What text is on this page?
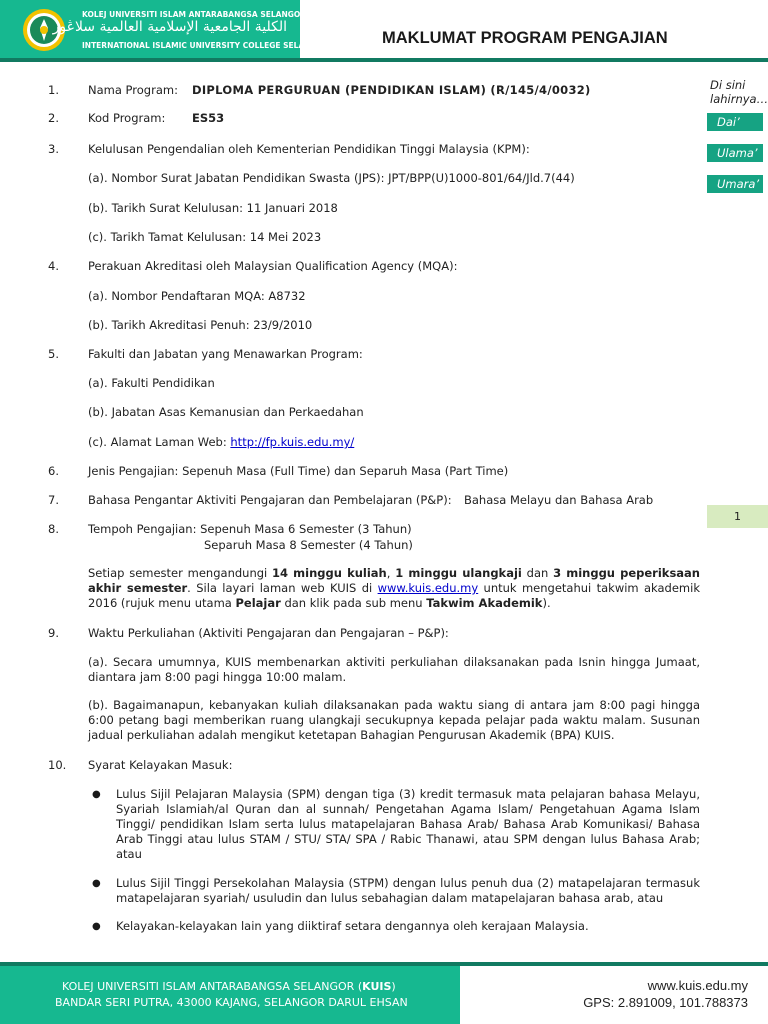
KOLEJ UNIVERSITI ISLAM ANTARABANGSA SELANGOR
الكلية الجامعية الإسلامية العالمية سلاڠور
INTERNATIONAL ISLAMIC UNIVERSITY COLLEGE SELANGOR	MAKLUMAT PROGRAM PENGAJIAN
Di sini
lahirnya…
Dai’
Ulama’
Umara’
1
1.	Nama Program: DIPLOMA PERGURUAN (PENDIDIKAN ISLAM) (R/145/4/0032)
2.	Kod Program: ES53
3.	Kelulusan Pengendalian oleh Kementerian Pendidikan Tinggi Malaysia (KPM):
(a). Nombor Surat Jabatan Pendidikan Swasta (JPS): JPT/BPP(U)1000-801/64/Jld.7(44)
(b). Tarikh Surat Kelulusan: 11 Januari 2018
(c). Tarikh Tamat Kelulusan: 14 Mei 2023
4.	Perakuan Akreditasi oleh Malaysian Qualification Agency (MQA):
(a). Nombor Pendaftaran MQA: A8732
(b). Tarikh Akreditasi Penuh: 23/9/2010
5.	Fakulti dan Jabatan yang Menawarkan Program:
(a). Fakulti Pendidikan
(b). Jabatan Asas Kemanusian dan Perkaedahan
(c). Alamat Laman Web: http://fp.kuis.edu.my/
6.	Jenis Pengajian: Sepenuh Masa (Full Time) dan Separuh Masa (Part Time)
7.	Bahasa Pengantar Aktiviti Pengajaran dan Pembelajaran (P&P): Bahasa Melayu dan Bahasa Arab
8.	Tempoh Pengajian: Sepenuh Masa 6 Semester (3 Tahun)
Separuh Masa 8 Semester (4 Tahun)
Setiap semester mengandungi 14 minggu kuliah, 1 minggu ulangkaji dan 3 minggu peperiksaan akhir semester. Sila layari laman web KUIS di www.kuis.edu.my untuk mengetahui takwim akademik 2016 (rujuk menu utama Pelajar dan klik pada sub menu Takwim Akademik).
9.	Waktu Perkuliahan (Aktiviti Pengajaran dan Pengajaran – P&P):
(a). Secara umumnya, KUIS membenarkan aktiviti perkuliahan dilaksanakan pada Isnin hingga Jumaat, diantara jam 8:00 pagi hingga 10:00 malam.
(b). Bagaimanapun, kebanyakan kuliah dilaksanakan pada waktu siang di antara jam 8:00 pagi hingga 6:00 petang bagi memberikan ruang ulangkaji secukupnya kepada pelajar pada waktu malam. Susunan jadual perkuliahan adalah mengikut ketetapan Bahagian Pengurusan Akademik (BPA) KUIS.
10. Syarat Kelayakan Masuk:
● Lulus Sijil Pelajaran Malaysia (SPM) dengan tiga (3) kredit termasuk mata pelajaran bahasa Melayu, Syariah Islamiah/al Quran dan al sunnah/ Pengetahan Agama Islam/ Pengetahuan Agama Islam Tinggi/ pendidikan Islam serta lulus matapelajaran Bahasa Arab/ Bahasa Arab Komunikasi/ Bahasa Arab Tinggi atau lulus STAM / STU/ STA/ SPA / Rabic Thanawi, atau SPM dengan lulus Bahasa Arab; atau
● Lulus Sijil Tinggi Persekolahan Malaysia (STPM) dengan lulus penuh dua (2) matapelajaran termasuk matapelajaran syariah/ usuludin dan lulus sebahagian dalam matapelajaran bahasa arab, atau
● Kelayakan-kelayakan lain yang diiktiraf setara dengannya oleh kerajaan Malaysia.
KOLEJ UNIVERSITI ISLAM ANTARABANGSA SELANGOR (KUIS)
BANDAR SERI PUTRA, 43000 KAJANG, SELANGOR DARUL EHSAN
www.kuis.edu.my
GPS: 2.891009, 101.788373
